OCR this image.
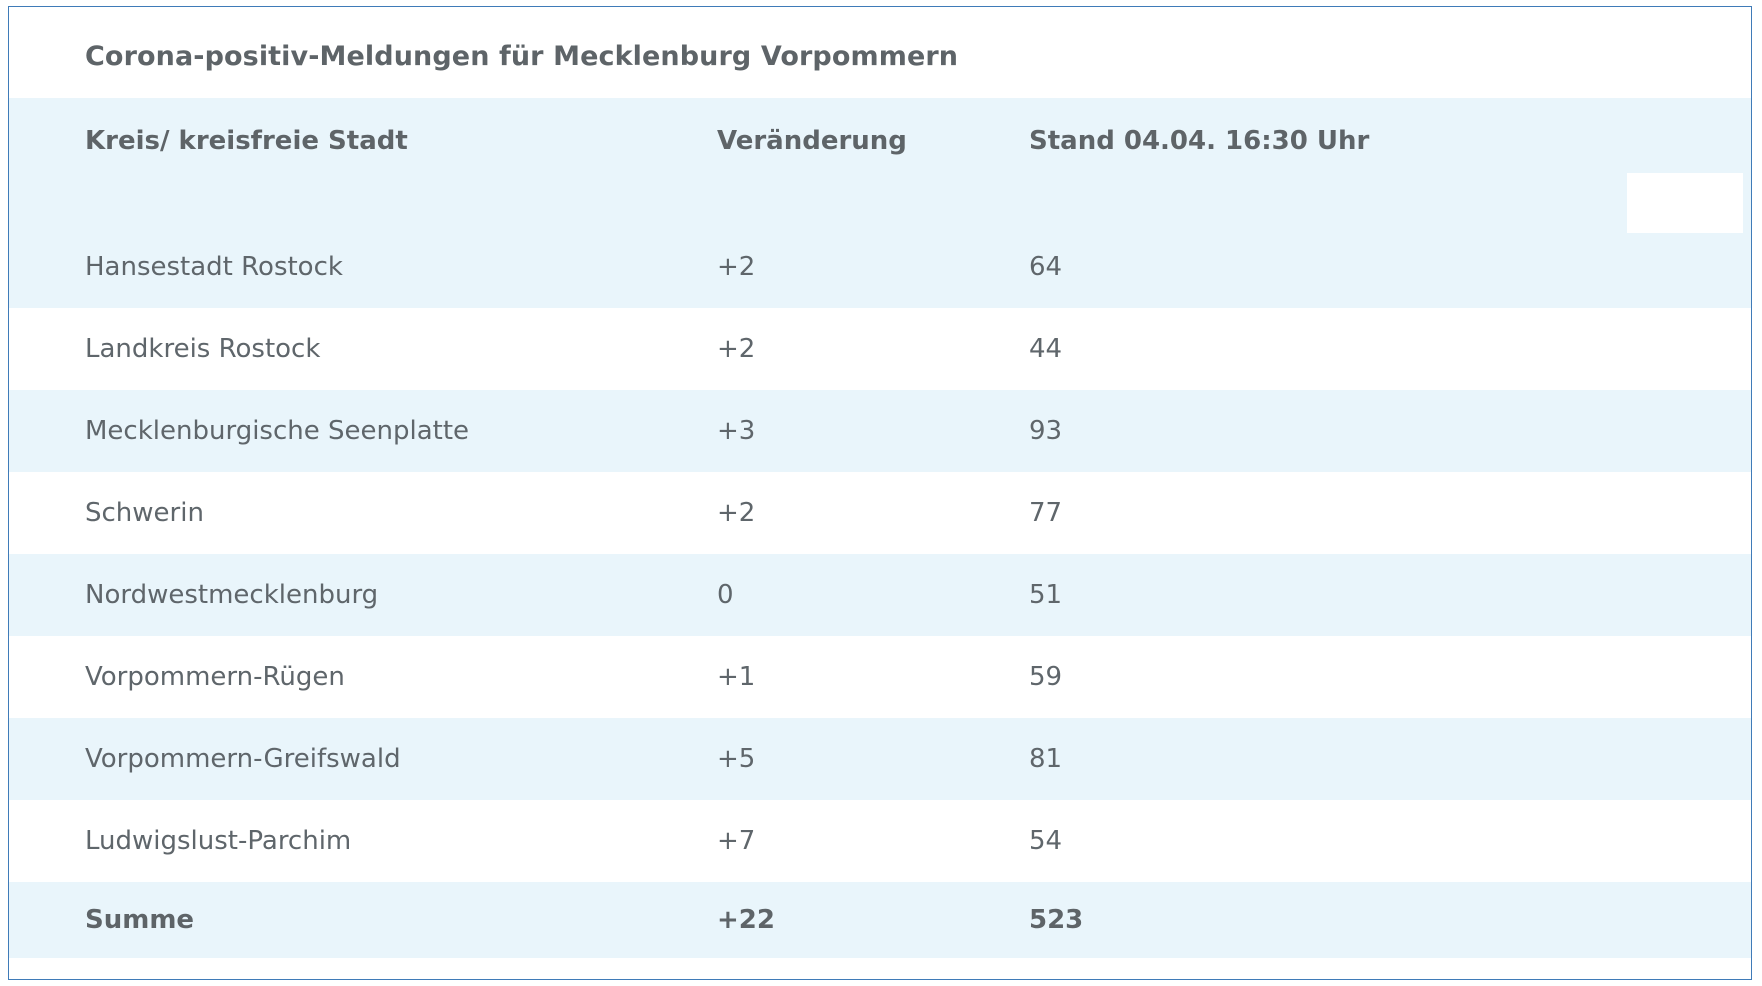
Corona-positiv-Meldungen für Mecklenburg Vorpommern
Kreis/ kreisfreie Stadt	Veränderung	Stand 04.04. 16:30 Uhr
Hansestadt Rostock	+2	64
Landkreis Rostock	+2	44
Mecklenburgische Seenplatte	+3	93
Schwerin	+2	77
Nordwestmecklenburg	0	51
Vorpommern-Rügen	+1	59
Vorpommern-Greifswald	+5	81
Ludwigslust-Parchim	+7	54
Summe	+22	523
